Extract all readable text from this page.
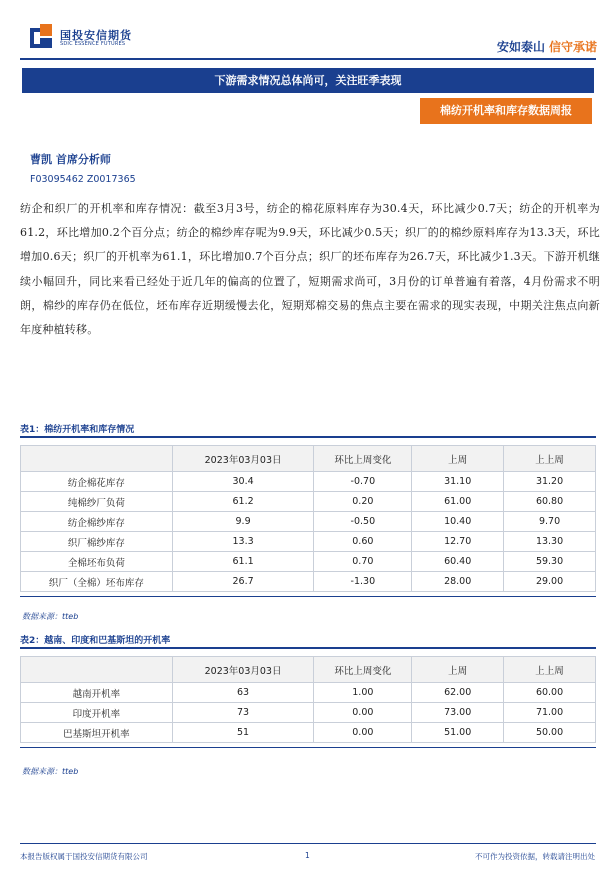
国投安信期货
SDIC ESSENCE FUTURES	安如泰山 信守承诺
下游需求情况总体尚可，关注旺季表现
棉纺开机率和库存数据周报
曹凯 首席分析师
F03095462 Z0017365
纺企和织厂的开机率和库存情况：截至3月3号，纺企的棉花原料库存为30.4天，环比减少0.7天；纺企的开机率为61.2，环比增加0.2个百分点；纺企的棉纱库存呢为9.9天，环比减少0.5天；织厂的的棉纱原料库存为13.3天，环比增加0.6天；织厂的开机率为61.1，环比增加0.7个百分点；织厂的坯布库存为26.7天，环比减少1.3天。下游开机继续小幅回升，同比来看已经处于近几年的偏高的位置了，短期需求尚可，3月份的订单普遍有着落，4月份需求不明朗，棉纱的库存仍在低位，坯布库存近期缓慢去化，短期郑棉交易的焦点主要在需求的现实表现，中期关注焦点向新年度种植转移。
表1：棉纺开机率和库存情况
	2023年03月03日	环比上周变化	上周	上上周
纺企棉花库存	30.4	-0.70	31.10	31.20
纯棉纱厂负荷	61.2	0.20	61.00	60.80
纺企棉纱库存	9.9	-0.50	10.40	9.70
织厂棉纱库存	13.3	0.60	12.70	13.30
全棉坯布负荷	61.1	0.70	60.40	59.30
织厂（全棉）坯布库存	26.7	-1.30	28.00	29.00
数据来源：tteb
表2：越南、印度和巴基斯坦的开机率
	2023年03月03日	环比上周变化	上周	上上周
越南开机率	63	1.00	62.00	60.00
印度开机率	73	0.00	73.00	71.00
巴基斯坦开机率	51	0.00	51.00	50.00
数据来源：ttеb
本报告版权属于国投安信期货有限公司	1	不可作为投资依据，转载请注明出处
